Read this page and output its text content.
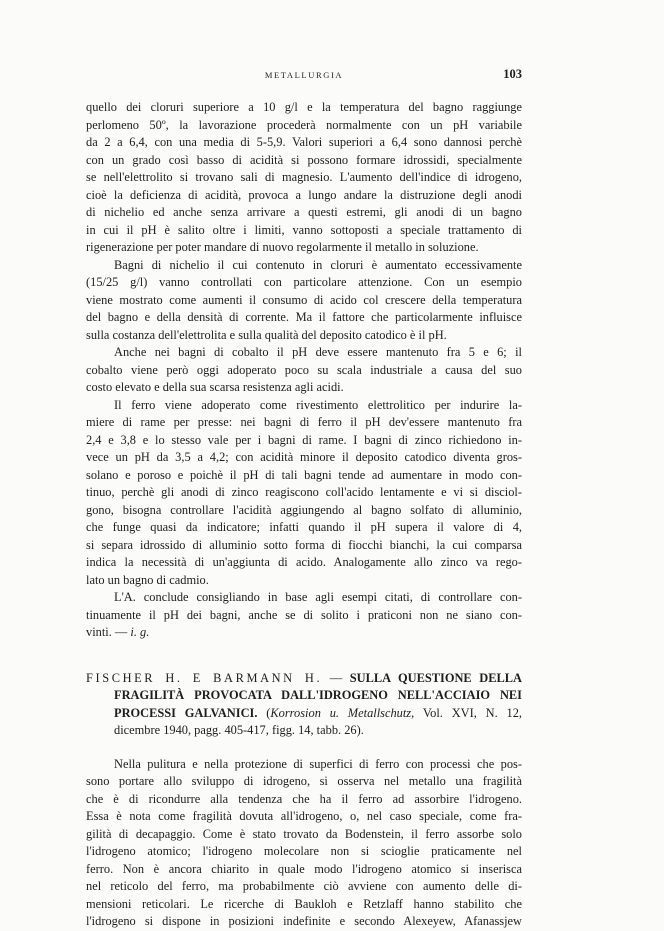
METALLURGIA	103

quello dei cloruri superiore a 10 g/l e la temperatura del bagno raggiunge

perlomeno 50º, la lavorazione procederà normalmente con un pH variabile

da 2 a 6,4, con una media di 5-5,9. Valori superiori a 6,4 sono dannosi perchè

con un grado così basso di acidità si possono formare idrossidi, specialmente

se nell'elettrolito si trovano sali di magnesio. L'aumento dell'indice di idrogeno,

cioè la deficienza di acidità, provoca a lungo andare la distruzione degli anodi

di nichelio ed anche senza arrivare a questi estremi, gli anodi di un bagno

in cui il pH è salito oltre i limiti, vanno sottoposti a speciale trattamento di

rigenerazione per poter mandare di nuovo regolarmente il metallo in soluzione.

Bagni di nichelio il cui contenuto in cloruri è aumentato eccessivamente

(15/25 g/l) vanno controllati con particolare attenzione. Con un esempio

viene mostrato come aumenti il consumo di acido col crescere della temperatura

del bagno e della densità di corrente. Ma il fattore che particolarmente influisce

sulla costanza dell'elettrolita e sulla qualità del deposito catodico è il pH.

Anche nei bagni di cobalto il pH deve essere mantenuto fra 5 e 6; il

cobalto viene però oggi adoperato poco su scala industriale a causa del suo

costo elevato e della sua scarsa resistenza agli acidi.

Il ferro viene adoperato come rivestimento elettrolitico per indurire la-

miere di rame per presse: nei bagni di ferro il pH dev'essere mantenuto fra

2,4 e 3,8 e lo stesso vale per i bagni di rame. I bagni di zinco richiedono in-

vece un pH da 3,5 a 4,2; con acidità minore il deposito catodico diventa gros-

solano e poroso e poichè il pH di tali bagni tende ad aumentare in modo con-

tinuo, perchè gli anodi di zinco reagiscono coll'acido lentamente e vi si disciol-

gono, bisogna controllare l'acidità aggiungendo al bagno solfato di alluminio,

che funge quasi da indicatore; infatti quando il pH supera il valore di 4,

si separa idrossido di alluminio sotto forma di fiocchi bianchi, la cui comparsa

indica la necessità di un'aggiunta di acido. Analogamente allo zinco va rego-

lato un bagno di cadmio.

L'A. conclude consigliando in base agli esempi citati, di controllare con-

tinuamente il pH dei bagni, anche se di solito i praticoni non ne siano con-

vinti. — i. g.

FISCHER H. E BARMANN H. — SULLA QUESTIONE DELLA

FRAGILITÀ PROVOCATA DALL'IDROGENO NELL'ACCIAIO NEI

PROCESSI GALVANICI. (Korrosion u. Metallschutz, Vol. XVI, N. 12,

dicembre 1940, pagg. 405-417, figg. 14, tabb. 26).

Nella pulitura e nella protezione di superfici di ferro con processi che pos-

sono portare allo sviluppo di idrogeno, si osserva nel metallo una fragilità

che è di ricondurre alla tendenza che ha il ferro ad assorbire l'idrogeno.

Essa è nota come fragilità dovuta all'idrogeno, o, nel caso speciale, come fra-

gilità di decapaggio. Come è stato trovato da Bodenstein, il ferro assorbe solo

l'idrogeno atomico; l'idrogeno molecolare non si scioglie praticamente nel

ferro. Non è ancora chiarito in quale modo l'idrogeno atomico si inserisca

nel reticolo del ferro, ma probabilmente ciò avviene con aumento delle di-

mensioni reticolari. Le ricerche di Baukloh e Retzlaff hanno stabilito che

l'idrogeno si dispone in posizioni indefinite e secondo Alexeyew, Afanassjew
